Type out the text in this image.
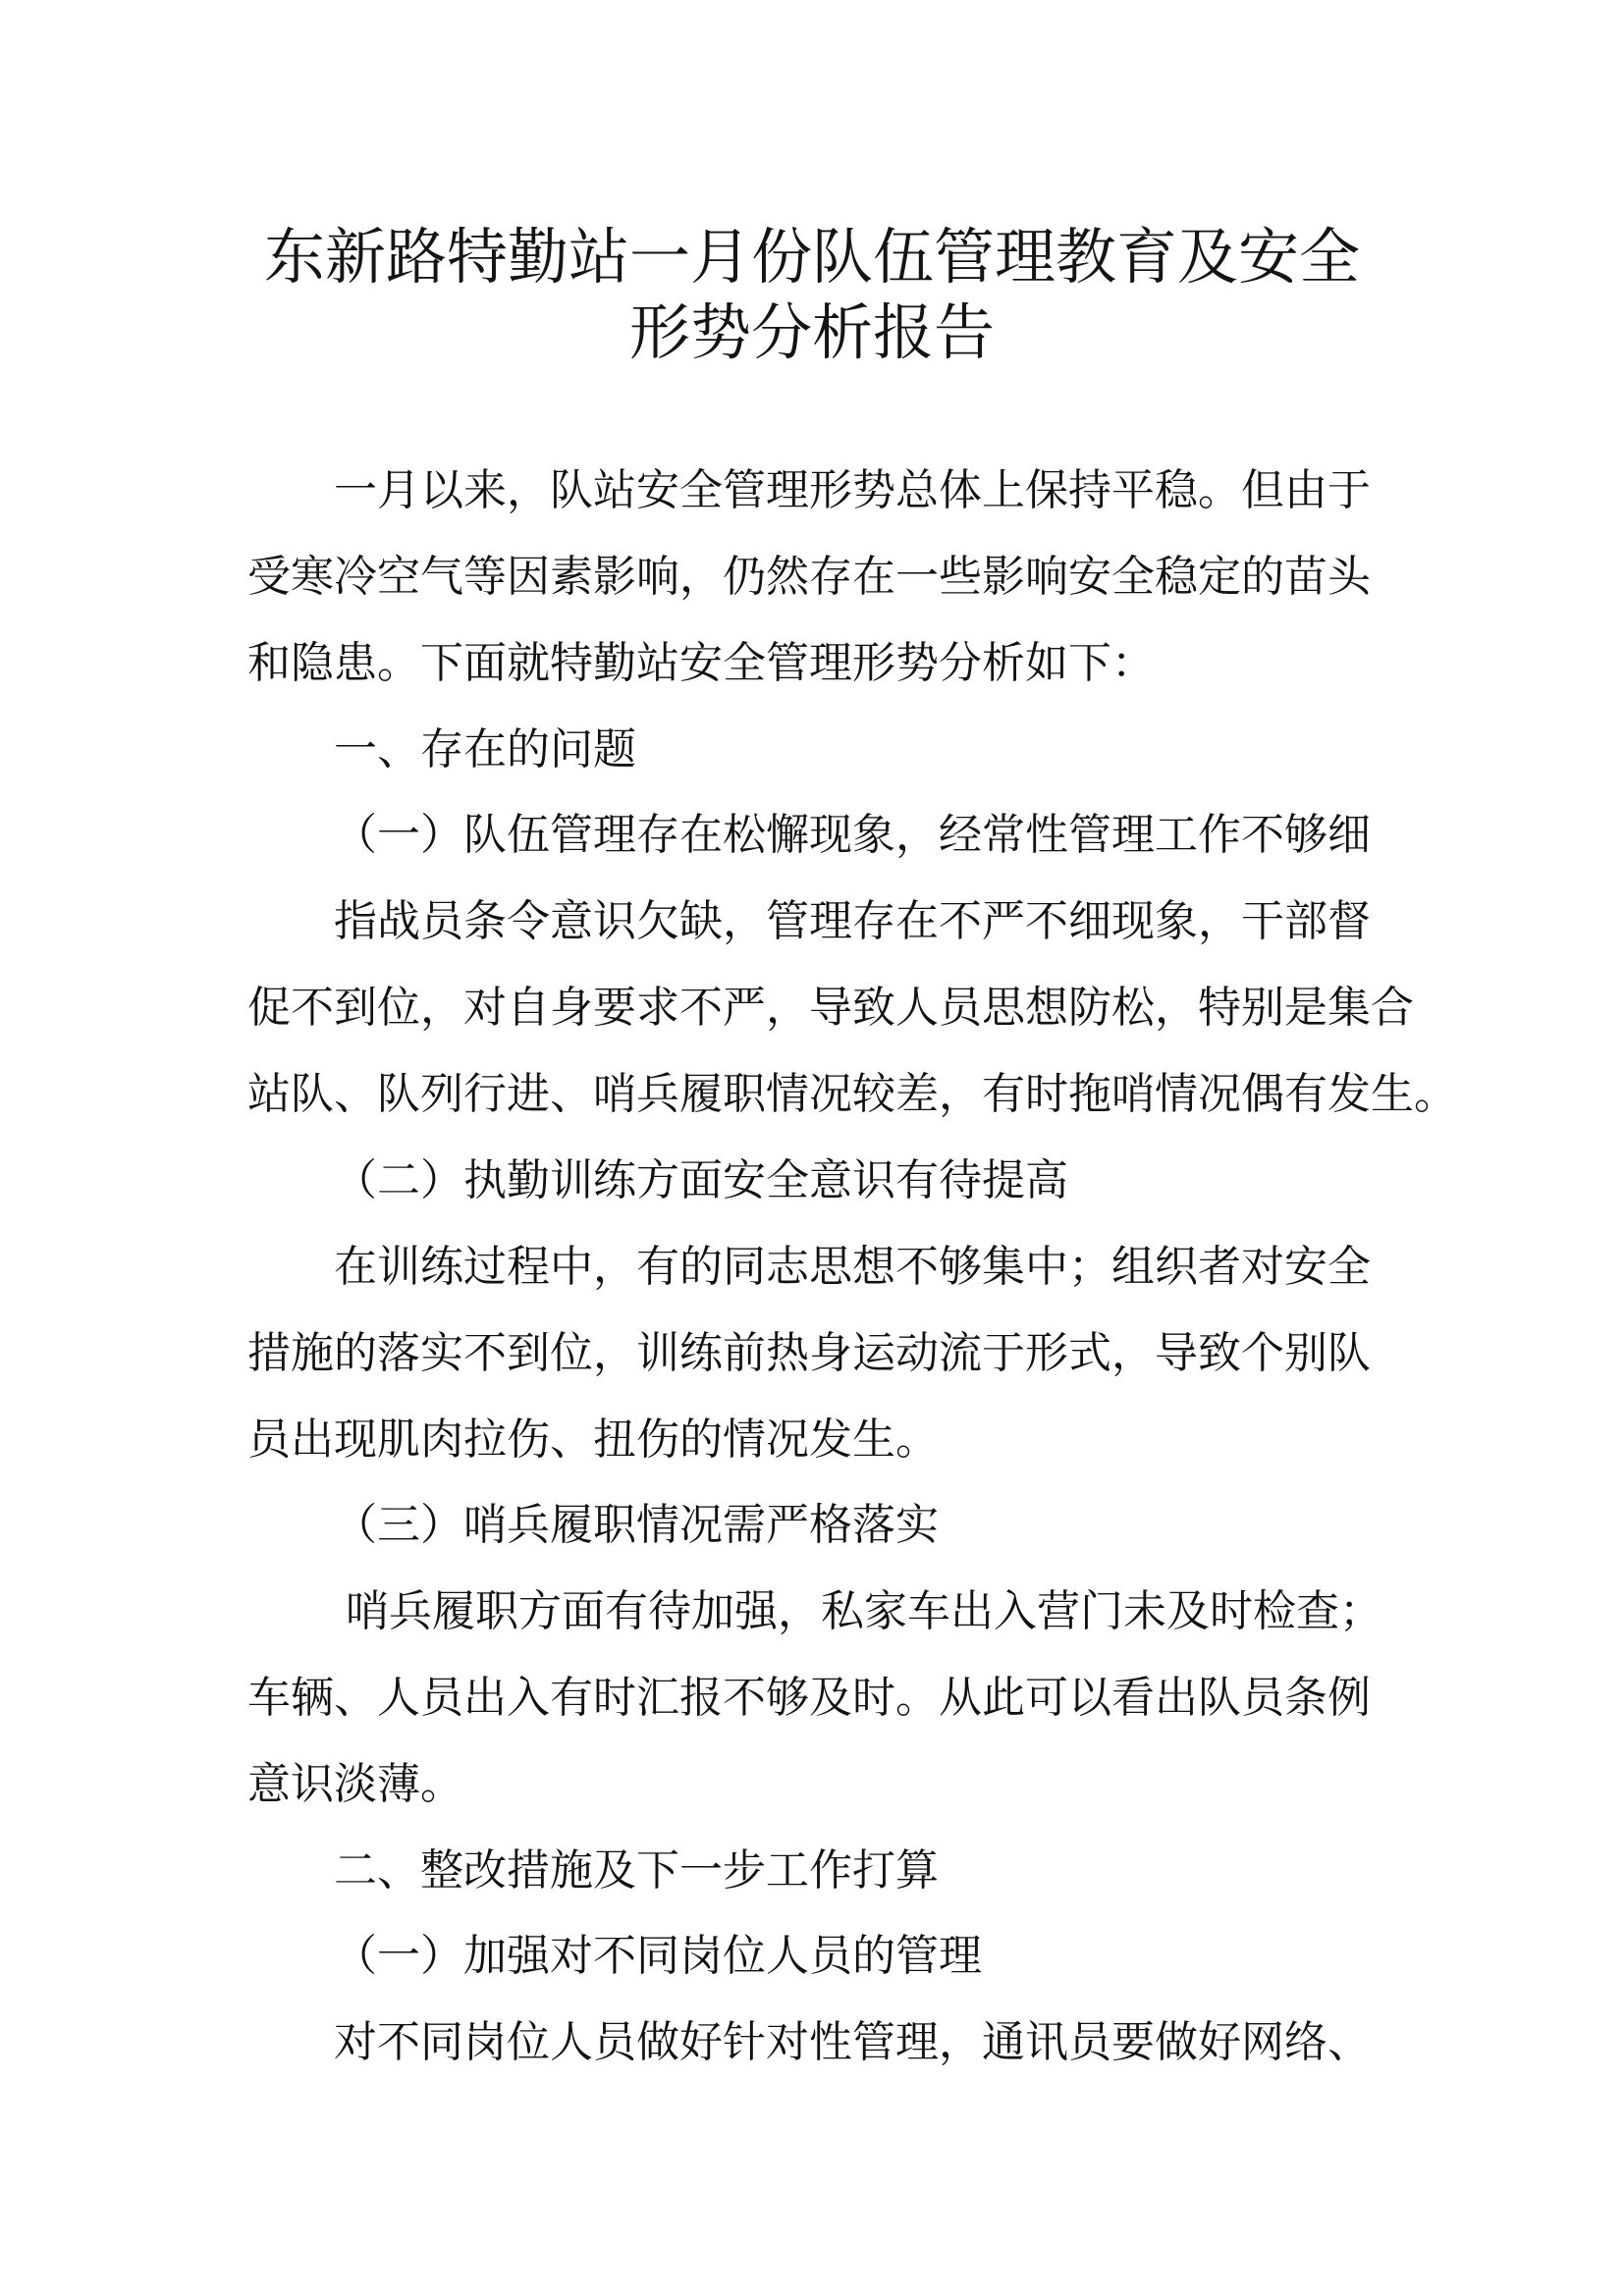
东新路特勤站一月份队伍管理教育及安全
形势分析报告
一月以来，队站安全管理形势总体上保持平稳。但由于
受寒冷空气等因素影响，仍然存在一些影响安全稳定的苗头
和隐患。下面就特勤站安全管理形势分析如下：
一、存在的问题
（一）队伍管理存在松懈现象，经常性管理工作不够细
指战员条令意识欠缺，管理存在不严不细现象，干部督
促不到位，对自身要求不严，导致人员思想防松，特别是集合
站队、队列行进、哨兵履职情况较差，有时拖哨情况偶有发生。
（二）执勤训练方面安全意识有待提高
在训练过程中，有的同志思想不够集中；组织者对安全
措施的落实不到位，训练前热身运动流于形式，导致个别队
员出现肌肉拉伤、扭伤的情况发生。
（三）哨兵履职情况需严格落实
哨兵履职方面有待加强，私家车出入营门未及时检查；
车辆、人员出入有时汇报不够及时。从此可以看出队员条例
意识淡薄。
二、整改措施及下一步工作打算
（一）加强对不同岗位人员的管理
对不同岗位人员做好针对性管理，通讯员要做好网络、
